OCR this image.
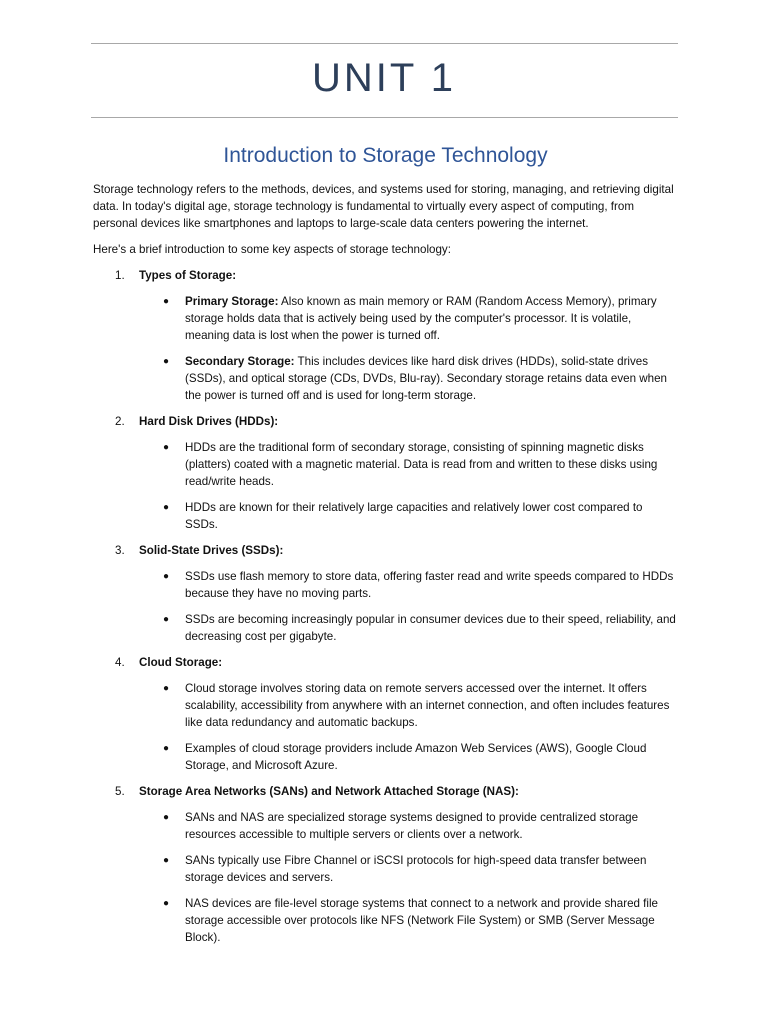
UNIT 1
Introduction to Storage Technology

Storage technology refers to the methods, devices, and systems used for storing, managing, and retrieving digital data. In today's digital age, storage technology is fundamental to virtually every aspect of computing, from personal devices like smartphones and laptops to large-scale data centers powering the internet.

Here's a brief introduction to some key aspects of storage technology:

1. Types of Storage:
● Primary Storage: Also known as main memory or RAM (Random Access Memory), primary storage holds data that is actively being used by the computer's processor. It is volatile, meaning data is lost when the power is turned off.
● Secondary Storage: This includes devices like hard disk drives (HDDs), solid-state drives (SSDs), and optical storage (CDs, DVDs, Blu-ray). Secondary storage retains data even when the power is turned off and is used for long-term storage.
2. Hard Disk Drives (HDDs):
● HDDs are the traditional form of secondary storage, consisting of spinning magnetic disks (platters) coated with a magnetic material. Data is read from and written to these disks using read/write heads.
● HDDs are known for their relatively large capacities and relatively lower cost compared to SSDs.
3. Solid-State Drives (SSDs):
● SSDs use flash memory to store data, offering faster read and write speeds compared to HDDs because they have no moving parts.
● SSDs are becoming increasingly popular in consumer devices due to their speed, reliability, and decreasing cost per gigabyte.
4. Cloud Storage:
● Cloud storage involves storing data on remote servers accessed over the internet. It offers scalability, accessibility from anywhere with an internet connection, and often includes features like data redundancy and automatic backups.
● Examples of cloud storage providers include Amazon Web Services (AWS), Google Cloud Storage, and Microsoft Azure.
5. Storage Area Networks (SANs) and Network Attached Storage (NAS):
● SANs and NAS are specialized storage systems designed to provide centralized storage resources accessible to multiple servers or clients over a network.
● SANs typically use Fibre Channel or iSCSI protocols for high-speed data transfer between storage devices and servers.
● NAS devices are file-level storage systems that connect to a network and provide shared file storage accessible over protocols like NFS (Network File System) or SMB (Server Message Block).
